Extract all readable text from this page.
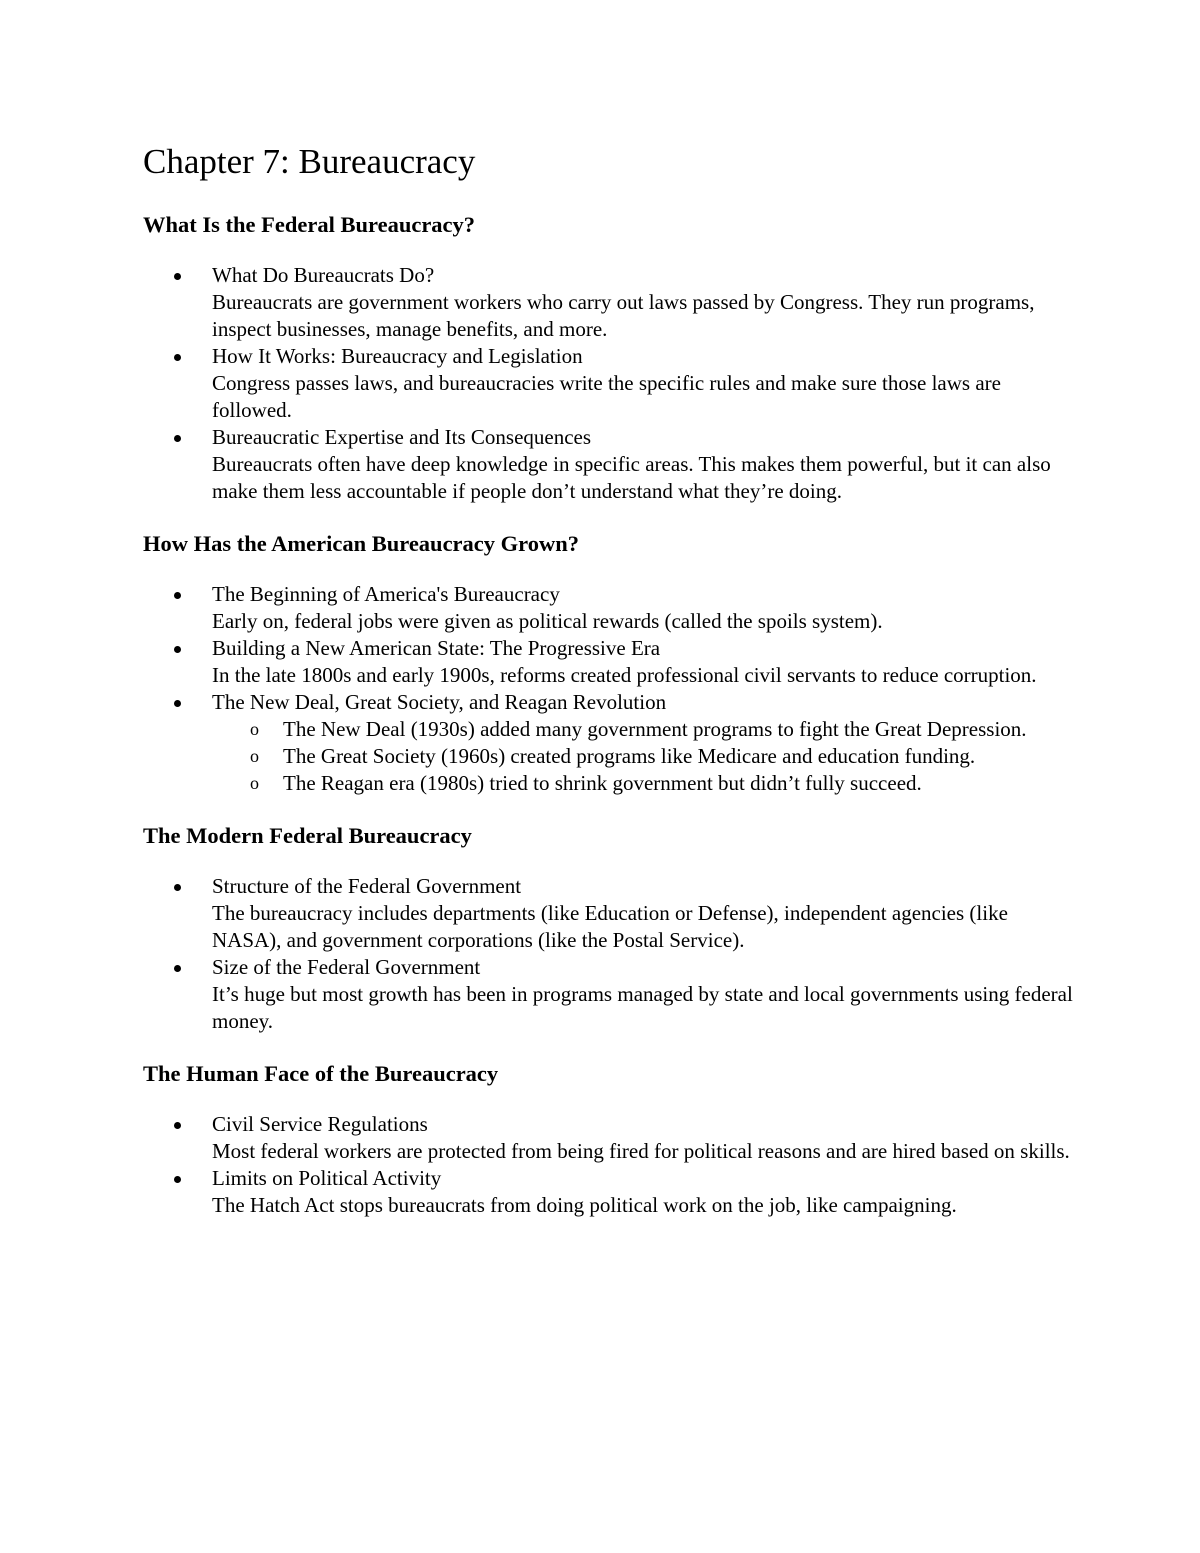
Chapter 7: Bureaucracy
What Is the Federal Bureaucracy?
What Do Bureaucrats Do?
Bureaucrats are government workers who carry out laws passed by Congress. They run programs, inspect businesses, manage benefits, and more.
How It Works: Bureaucracy and Legislation
Congress passes laws, and bureaucracies write the specific rules and make sure those laws are followed.
Bureaucratic Expertise and Its Consequences
Bureaucrats often have deep knowledge in specific areas. This makes them powerful, but it can also make them less accountable if people don’t understand what they’re doing.
How Has the American Bureaucracy Grown?
The Beginning of America's Bureaucracy
Early on, federal jobs were given as political rewards (called the spoils system).
Building a New American State: The Progressive Era
In the late 1800s and early 1900s, reforms created professional civil servants to reduce corruption.
The New Deal, Great Society, and Reagan Revolution
o The New Deal (1930s) added many government programs to fight the Great Depression.
o The Great Society (1960s) created programs like Medicare and education funding.
o The Reagan era (1980s) tried to shrink government but didn’t fully succeed.
The Modern Federal Bureaucracy
Structure of the Federal Government
The bureaucracy includes departments (like Education or Defense), independent agencies (like NASA), and government corporations (like the Postal Service).
Size of the Federal Government
It’s huge but most growth has been in programs managed by state and local governments using federal money.
The Human Face of the Bureaucracy
Civil Service Regulations
Most federal workers are protected from being fired for political reasons and are hired based on skills.
Limits on Political Activity
The Hatch Act stops bureaucrats from doing political work on the job, like campaigning.
